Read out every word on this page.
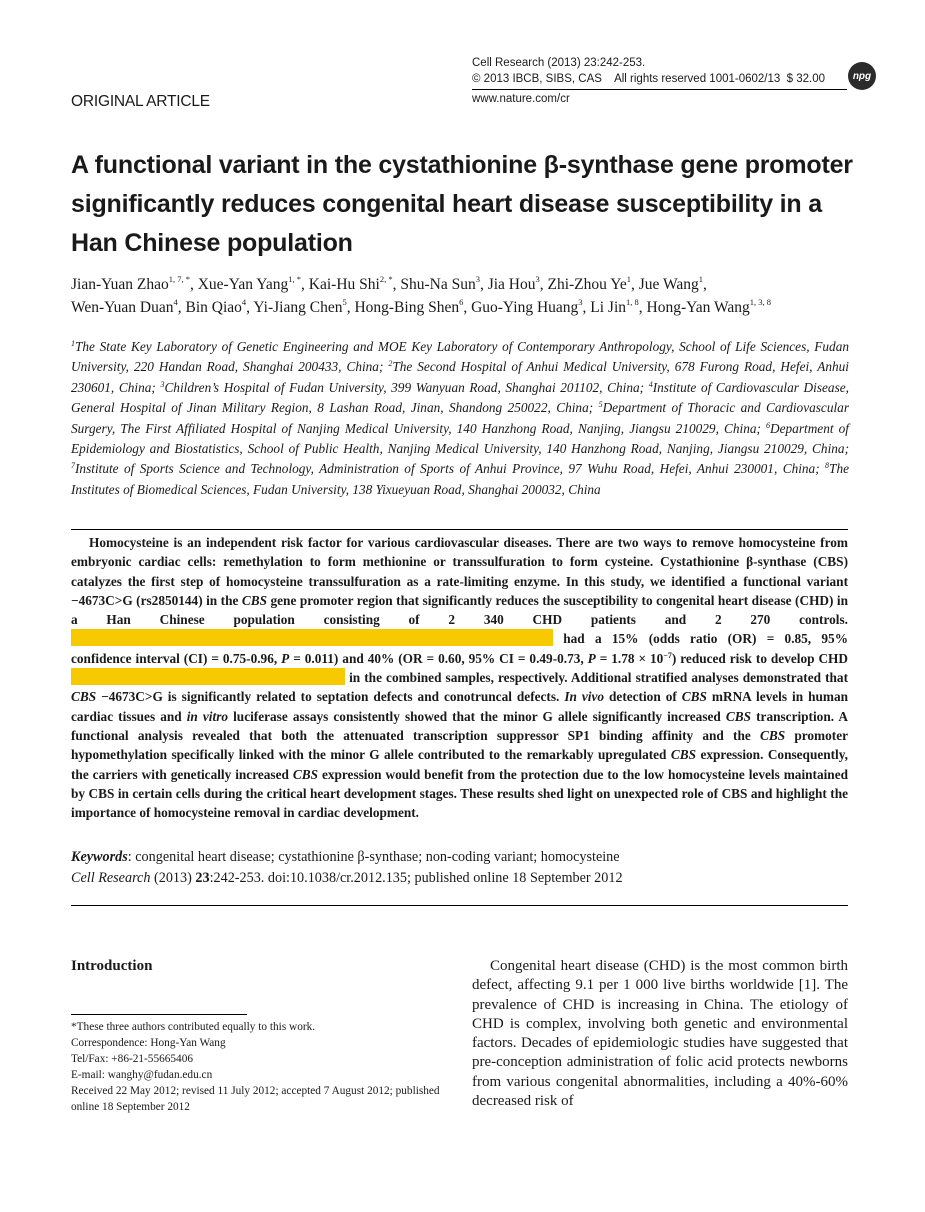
Cell Research (2013) 23:242-253.
© 2013 IBCB, SIBS, CAS    All rights reserved 1001-0602/13  $ 32.00
www.nature.com/cr
npg
ORIGINAL ARTICLE
A functional variant in the cystathionine β-synthase gene promoter significantly reduces congenital heart disease susceptibility in a Han Chinese population
Jian-Yuan Zhao$^{1, 7, *}$, Xue-Yan Yang$^{1, *}$, Kai-Hu Shi$^{2, *}$, Shu-Na Sun$^3$, Jia Hou$^3$, Zhi-Zhou Ye$^1$, Jue Wang$^1$,
Wen-Yuan Duan$^4$, Bin Qiao$^4$, Yi-Jiang Chen$^5$, Hong-Bing Shen$^6$, Guo-Ying Huang$^3$, Li Jin$^{1, 8}$, Hong-Yan Wang$^{1, 3, 8}$
$^1$The State Key Laboratory of Genetic Engineering and MOE Key Laboratory of Contemporary Anthropology, School of Life Sciences, Fudan University, 220 Handan Road, Shanghai 200433, China; $^2$The Second Hospital of Anhui Medical University, 678 Furong Road, Hefei, Anhui 230601, China; $^3$Children’s Hospital of Fudan University, 399 Wanyuan Road, Shanghai 201102, China; $^4$Institute of Cardiovascular Disease, General Hospital of Jinan Military Region, 8 Lashan Road, Jinan, Shandong 250022, China; $^5$Department of Thoracic and Cardiovascular Surgery, The First Affiliated Hospital of Nanjing Medical University, 140 Hanzhong Road, Nanjing, Jiangsu 210029, China; $^6$Department of Epidemiology and Biostatistics, School of Public Health, Nanjing Medical University, 140 Hanzhong Road, Nanjing, Jiangsu 210029, China; $^7$Institute of Sports Science and Technology, Administration of Sports of Anhui Province, 97 Wuhu Road, Hefei, Anhui 230001, China; $^8$The Institutes of Biomedical Sciences, Fudan University, 138 Yixueyuan Road, Shanghai 200032, China
Homocysteine is an independent risk factor for various cardiovascular diseases. There are two ways to remove homocysteine from embryonic cardiac cells: remethylation to form methionine or transsulfuration to form cysteine. Cystathionine β-synthase (CBS) catalyzes the first step of homocysteine transsulfuration as a rate-limiting enzyme. In this study, we identified a functional variant −4673C>G (rs2850144) in the CBS gene promoter region that significantly reduces the susceptibility to congenital heart disease (CHD) in a Han Chinese population consisting of 2 340 CHD patients and 2 270 controls.  had a 15% (odds ratio (OR) = 0.85, 95% confidence interval (CI) = 0.75-0.96, P = 0.011) and 40% (OR = 0.60, 95% CI = 0.49-0.73, $P = 1.78 \times 10^{-7}$) reduced risk to develop CHD  in the combined samples, respectively. Additional stratified analyses demonstrated that CBS −4673C>G is significantly related to septation defects and conotruncal defects. In vivo detection of CBS mRNA levels in human cardiac tissues and in vitro luciferase assays consistently showed that the minor G allele significantly increased CBS transcription. A functional analysis revealed that both the attenuated transcription suppressor SP1 binding affinity and the CBS promoter hypomethylation specifically linked with the minor G allele contributed to the remarkably upregulated CBS expression. Consequently, the carriers with genetically increased CBS expression would benefit from the protection due to the low homocysteine levels maintained by CBS in certain cells during the critical heart development stages. These results shed light on unexpected role of CBS and highlight the importance of homocysteine removal in cardiac development.
Keywords: congenital heart disease; cystathionine β-synthase; non-coding variant; homocysteine
Cell Research (2013) 23:242-253. doi:10.1038/cr.2012.135; published online 18 September 2012
Introduction
*These three authors contributed equally to this work.
Correspondence: Hong-Yan Wang
Tel/Fax: +86-21-55665406
E-mail: wanghy@fudan.edu.cn
Received 22 May 2012; revised 11 July 2012; accepted 7 August 2012; published online 18 September 2012
Congenital heart disease (CHD) is the most common birth defect, affecting 9.1 per 1 000 live births worldwide [1]. The prevalence of CHD is increasing in China. The etiology of CHD is complex, involving both genetic and environmental factors. Decades of epidemiologic studies have suggested that pre-conception administration of folic acid protects newborns from various congenital abnormalities, including a 40%-60% decreased risk of
